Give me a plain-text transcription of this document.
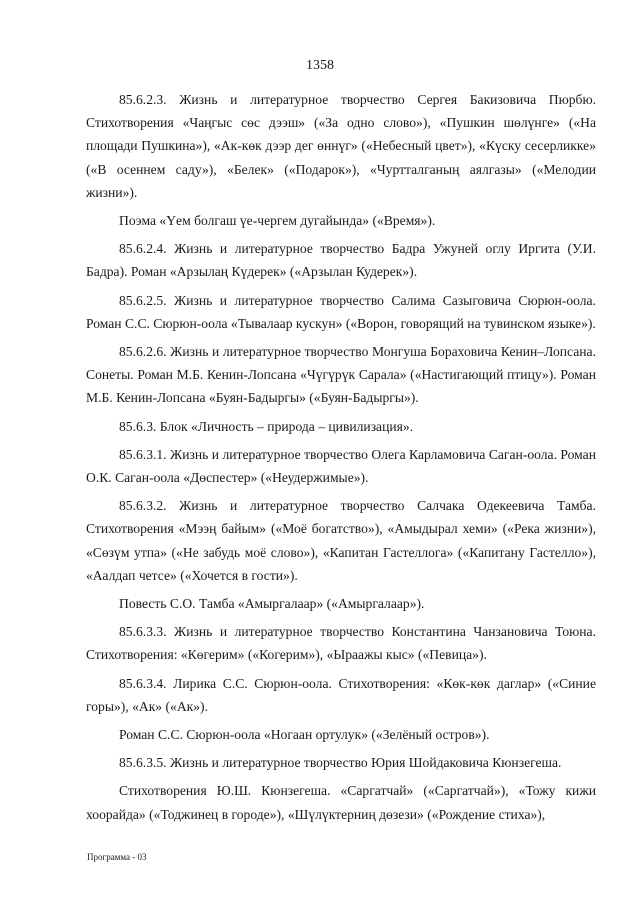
1358

85.6.2.3. Жизнь и литературное творчество Сергея Бакизовича Пюрбю. Стихотворения «Чаңгыс сөс дээш» («За одно слово»), «Пушкин шөлүнге» («На площади Пушкина»), «Ак-көк дээр дег өннүг» («Небесный цвет»), «Күску сесерликке» («В осеннем саду»), «Белек» («Подарок»), «Чуртталганың аялгазы» («Мелодии жизни»).

Поэма «Үем болгаш үе-чергем дугайында» («Время»).

85.6.2.4. Жизнь и литературное творчество Бадра Ужуней оглу Иргита (У.И. Бадра). Роман «Арзылаң Күдерек» («Арзылан Кудерек»).

85.6.2.5. Жизнь и литературное творчество Салима Сазыговича Сюрюн-оола. Роман С.С. Сюрюн-оола «Тывалаар кускун» («Ворон, говорящий на тувинском языке»).

85.6.2.6. Жизнь и литературное творчество Монгуша Бораховича Кенин–Лопсана. Сонеты. Роман М.Б. Кенин-Лопсана «Чүгүрүк Сарала» («Настигающий птицу»). Роман М.Б. Кенин-Лопсана «Буян-Бадыргы» («Буян-Бадыргы»).

85.6.3. Блок «Личность – природа – цивилизация».

85.6.3.1. Жизнь и литературное творчество Олега Карламовича Саган-оола. Роман О.К. Саган-оола «Дөспестер» («Неудержимые»).

85.6.3.2. Жизнь и литературное творчество Салчака Одекеевича Тамба. Стихотворения «Мээң байым» («Моё богатство»), «Амыдырал хеми» («Река жизни»), «Сөзүм утпа» («Не забудь моё слово»), «Капитан Гастеллога» («Капитану Гастелло»), «Аалдап четсе» («Хочется в гости»).

Повесть С.О. Тамба «Амыргалаар» («Амыргалаар»).

85.6.3.3. Жизнь и литературное творчество Константина Чанзановича Тоюна. Стихотворения: «Көгерим» («Когерим»), «Ыраажы кыс» («Певица»).

85.6.3.4. Лирика С.С. Сюрюн-оола. Стихотворения: «Көк-көк даглар» («Синие горы»), «Ак» («Ак»).

Роман С.С. Сюрюн-оола «Ногаан ортулук» («Зелёный остров»).

85.6.3.5. Жизнь и литературное творчество Юрия Шойдаковича Кюнзегеша.

Стихотворения Ю.Ш. Кюнзегеша. «Саргатчай» («Саргатчай»), «Тожу кижи хоорайда» («Тоджинец в городе»), «Шүлүктерниң дөзези» («Рождение стиха»),

Программа - 03
